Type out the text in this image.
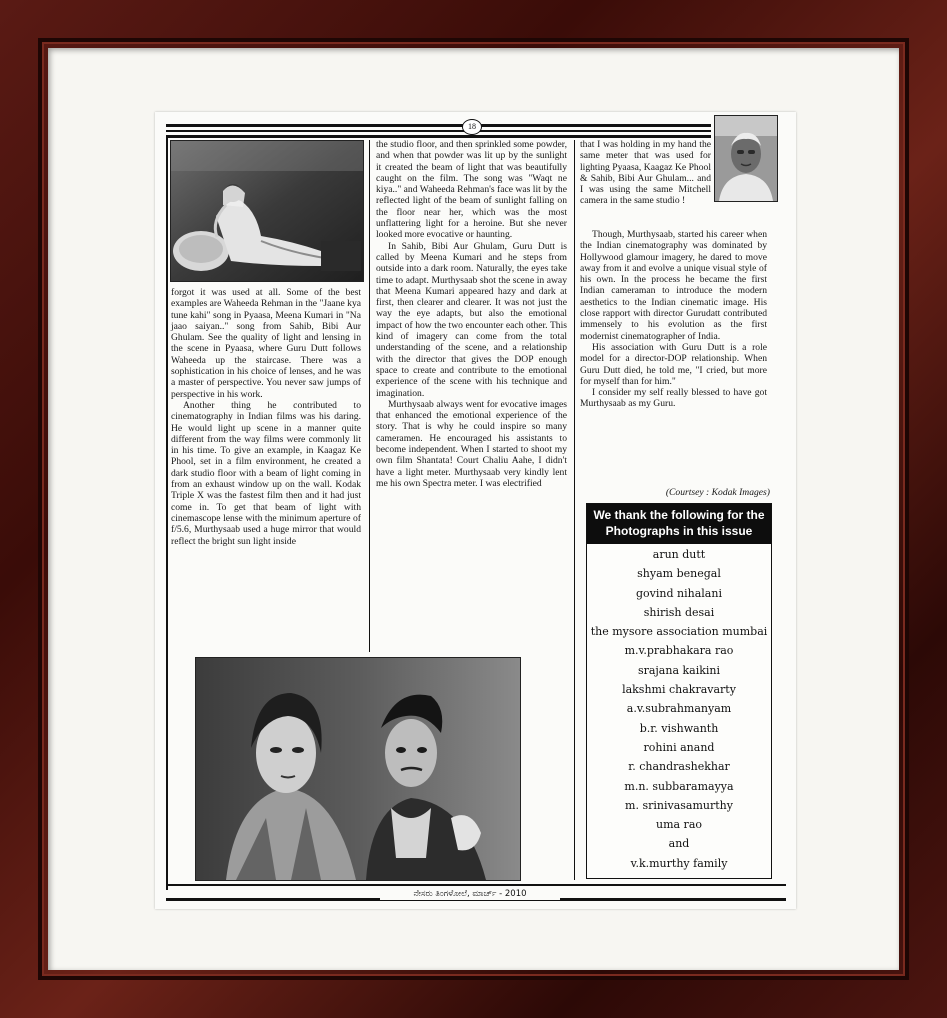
18
ನೇಸರು ತಿಂಗಳೋಲೆ, ಮಾರ್ಚ್ - 2010

forgot it was used at all. Some of the best examples are Waheeda Rehman in the "Jaane kya tune kahi" song in Pyaasa, Meena Kumari in "Na jaao saiyan.." song from Sahib, Bibi Aur Ghulam. See the quality of light and lensing in the scene in Pyaasa, where Guru Dutt follows Waheeda up the staircase. There was a sophistication in his choice of lenses, and he was a master of perspective. You never saw jumps of perspective in his work.

Another thing he contributed to cinematography in Indian films was his daring. He would light up scene in a manner quite different from the way films were commonly lit in his time. To give an example, in Kaagaz Ke Phool, set in a film environment, he created a dark studio floor with a beam of light coming in from an exhaust window up on the wall. Kodak Triple X was the fastest film then and it had just come in. To get that beam of light with cinemascope lense with the minimum aperture of f/5.6, Murthysaab used a huge mirror that would reflect the bright sun light inside

the studio floor, and then sprinkled some powder, and when that powder was lit up by the sunlight it created the beam of light that was beautifully caught on the film. The song was "Waqt ne kiya.." and Waheeda Rehman's face was lit by the reflected light of the beam of sunlight falling on the floor near her, which was the most unflattering light for a heroine. But she never looked more evocative or haunting.

In Sahib, Bibi Aur Ghulam, Guru Dutt is called by Meena Kumari and he steps from outside into a dark room. Naturally, the eyes take time to adapt. Murthysaab shot the scene in away that Meena Kumari appeared hazy and dark at first, then clearer and clearer. It was not just the way the eye adapts, but also the emotional impact of how the two encounter each other. This kind of imagery can come from the total understanding of the scene, and a relationship with the director that gives the DOP enough space to create and contribute to the emotional experience of the scene with his technique and imagination.

Murthysaab always went for evocative images that enhanced the emotional experience of the story. That is why he could inspire so many cameramen. He encouraged his assistants to become independent. When I started to shoot my own film Shantata! Court Chaliu Aahe, I didn't have a light meter. Murthysaab very kindly lent me his own Spectra meter. I was electrified

that I was holding in my hand the same meter that was used for lighting Pyaasa, Kaagaz Ke Phool & Sahib, Bibi Aur Ghulam... and I was using the same Mitchell camera in the same studio !

Though, Murthysaab, started his career when the Indian cinematography was dominated by Hollywood glamour imagery, he dared to move away from it and evolve a unique visual style of his own. In the process he became the first Indian cameraman to introduce the modern aesthetics to the Indian cinematic image. His close rapport with director Gurudatt contributed immensely to his evolution as the first modernist cinematographer of India.

His association with Guru Dutt is a role model for a director-DOP relationship. When Guru Dutt died, he told me, "I cried, but more for myself than for him."

I consider my self really blessed to have got Murthysaab as my Guru.

(Courtsey : Kodak Images)
We thank the following for the Photographs in this issue
arun dutt
shyam benegal
govind nihalani
shirish desai
the mysore association mumbai
m.v.prabhakara rao
srajana kaikini
lakshmi chakravarty
a.v.subrahmanyam
b.r. vishwanth
rohini anand
r. chandrashekhar
m.n. subbaramayya
m. srinivasamurthy
uma rao
and
v.k.murthy family
